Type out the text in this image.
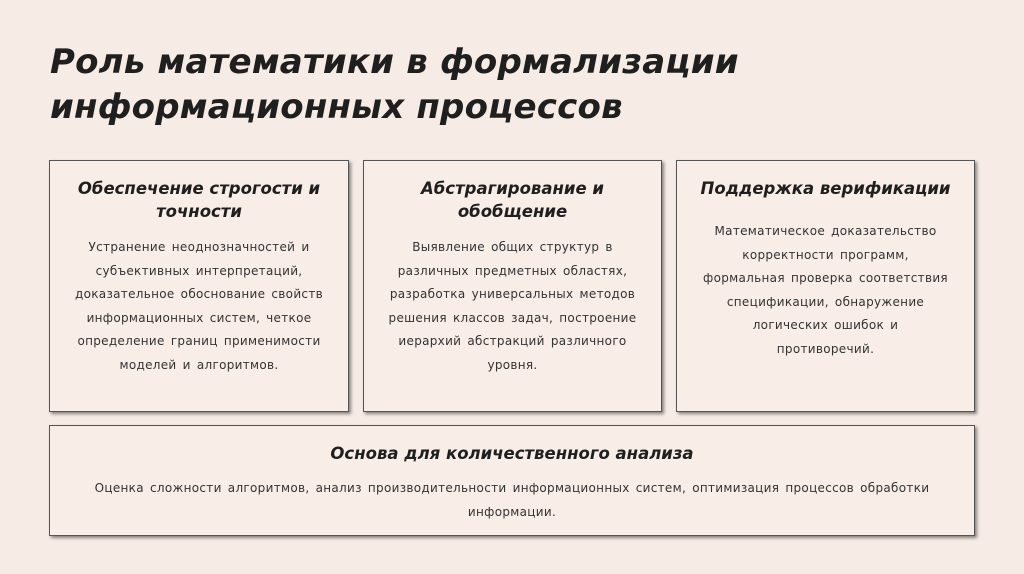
Роль математики в формализации
информационных процессов
Обеспечение строгости и точности
Устранение неоднозначностей и субъективных интерпретаций, доказательное обоснование свойств информационных систем, четкое определение границ применимости моделей и алгоритмов.
Абстрагирование и обобщение
Выявление общих структур в различных предметных областях, разработка универсальных методов решения классов задач, построение иерархий абстракций различного уровня.
Поддержка верификации
Математическое доказательство корректности программ, формальная проверка соответствия спецификации, обнаружение логических ошибок и противоречий.
Основа для количественного анализа
Оценка сложности алгоритмов, анализ производительности информационных систем, оптимизация процессов обработки информации.
